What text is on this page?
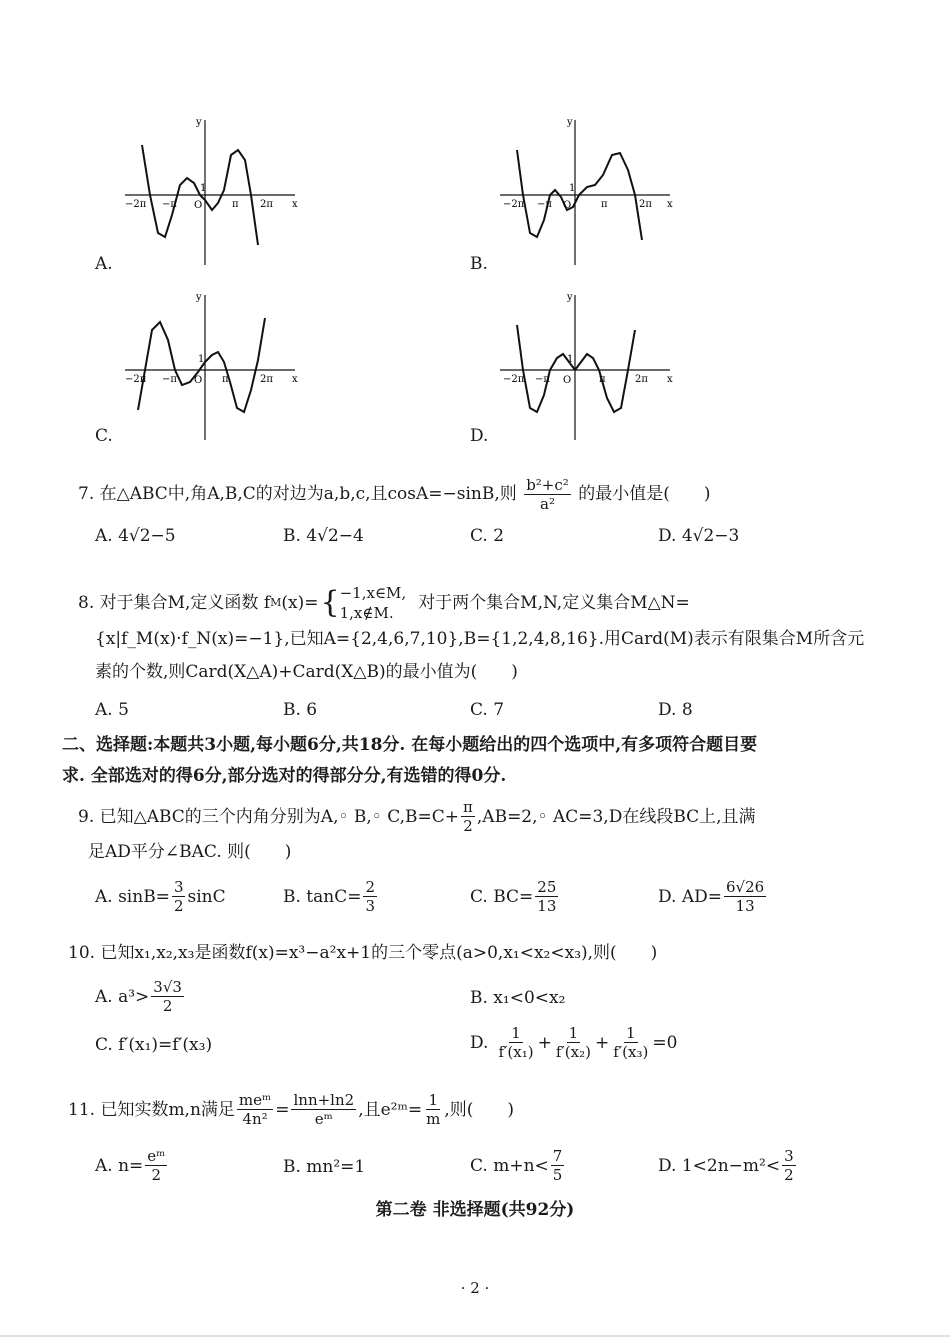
y
x
O
1
−2π −π	π 2π
A.
y
x
O
1
−2π −π	π	2π
B.
y
x
O
1
−2π −π	π	2π
C.
y
x
O
1
−2π −π	π	2π
D.
7. 在△ABC中,角A,B,C的对边为a,b,c,且cosA=−sinB,则 $\frac{\text{b²+c²}}{\text{a²}}$ 的最小值是(　　)
A. 4√2−5	B. 4√2−4	C. 2	D. 4√2−3
8. 对于集合M,定义函数 f M (x)= { −1,x∈M,
1,x∉M.	对于两个集合M,N,定义集合M△N=
{x|f_M(x)·f_N(x)=−1},已知A={2,4,6,7,10},B={1,2,4,8,16}.用Card(M)表示有限集合M所含元
素的个数,则Card(X△A)+Card(X△B)的最小值为(　　)
A. 5	B. 6	C. 7	D. 8
二、选择题:本题共3小题,每小题6分,共18分. 在每小题给出的四个选项中,有多项符合题目要
求. 全部选对的得6分,部分选对的得部分分,有选错的得0分.
9. 已知△ABC的三个内角分别为A,◦ B,◦ $C,B=C+ \frac{\pi}{2}$ ,AB=2,◦ AC=3,D在线段BC上,且满
足AD平分∠BAC. 则(　　)
A. $\sin B= \frac{3}{2}$ sinC	B. $\tan C= \frac{2}{3}$	C. $BC= \frac{25}{13}$	D. $AD= \frac{6√26}{13}$
10. 已知x₁,x₂,x₃是函数f(x)=x³−a²x+1的三个零点(a>0,x₁<x₂<x₃),则(　　)
A. $a^3> \frac{3√3}{2}$	B. x₁<0<x₂
C. f′(x₁)=f′(x₃)	D. $\frac{1}{\text{f′(x₁)}} + \frac{1}{\text{f′(x₂)}} + \frac{1}{\text{f′(x₃)}} =0$
11. 已知实数m,n满足 $\frac{\text{meᵐ}}{\text{4n²}} = \frac{\ln n+\ln 2}{\text{eᵐ}}$ ,且e²ᵐ= $\frac{1}{m}$ ,则(　　)
A. $n= \frac{\text{eᵐ}}{2}$	B. mn²=1	C. $m+n< \frac{7}{5}$	D. $1<2n-m^2< \frac{3}{2}$
第二卷 非选择题(共92分)
· 2 ·
